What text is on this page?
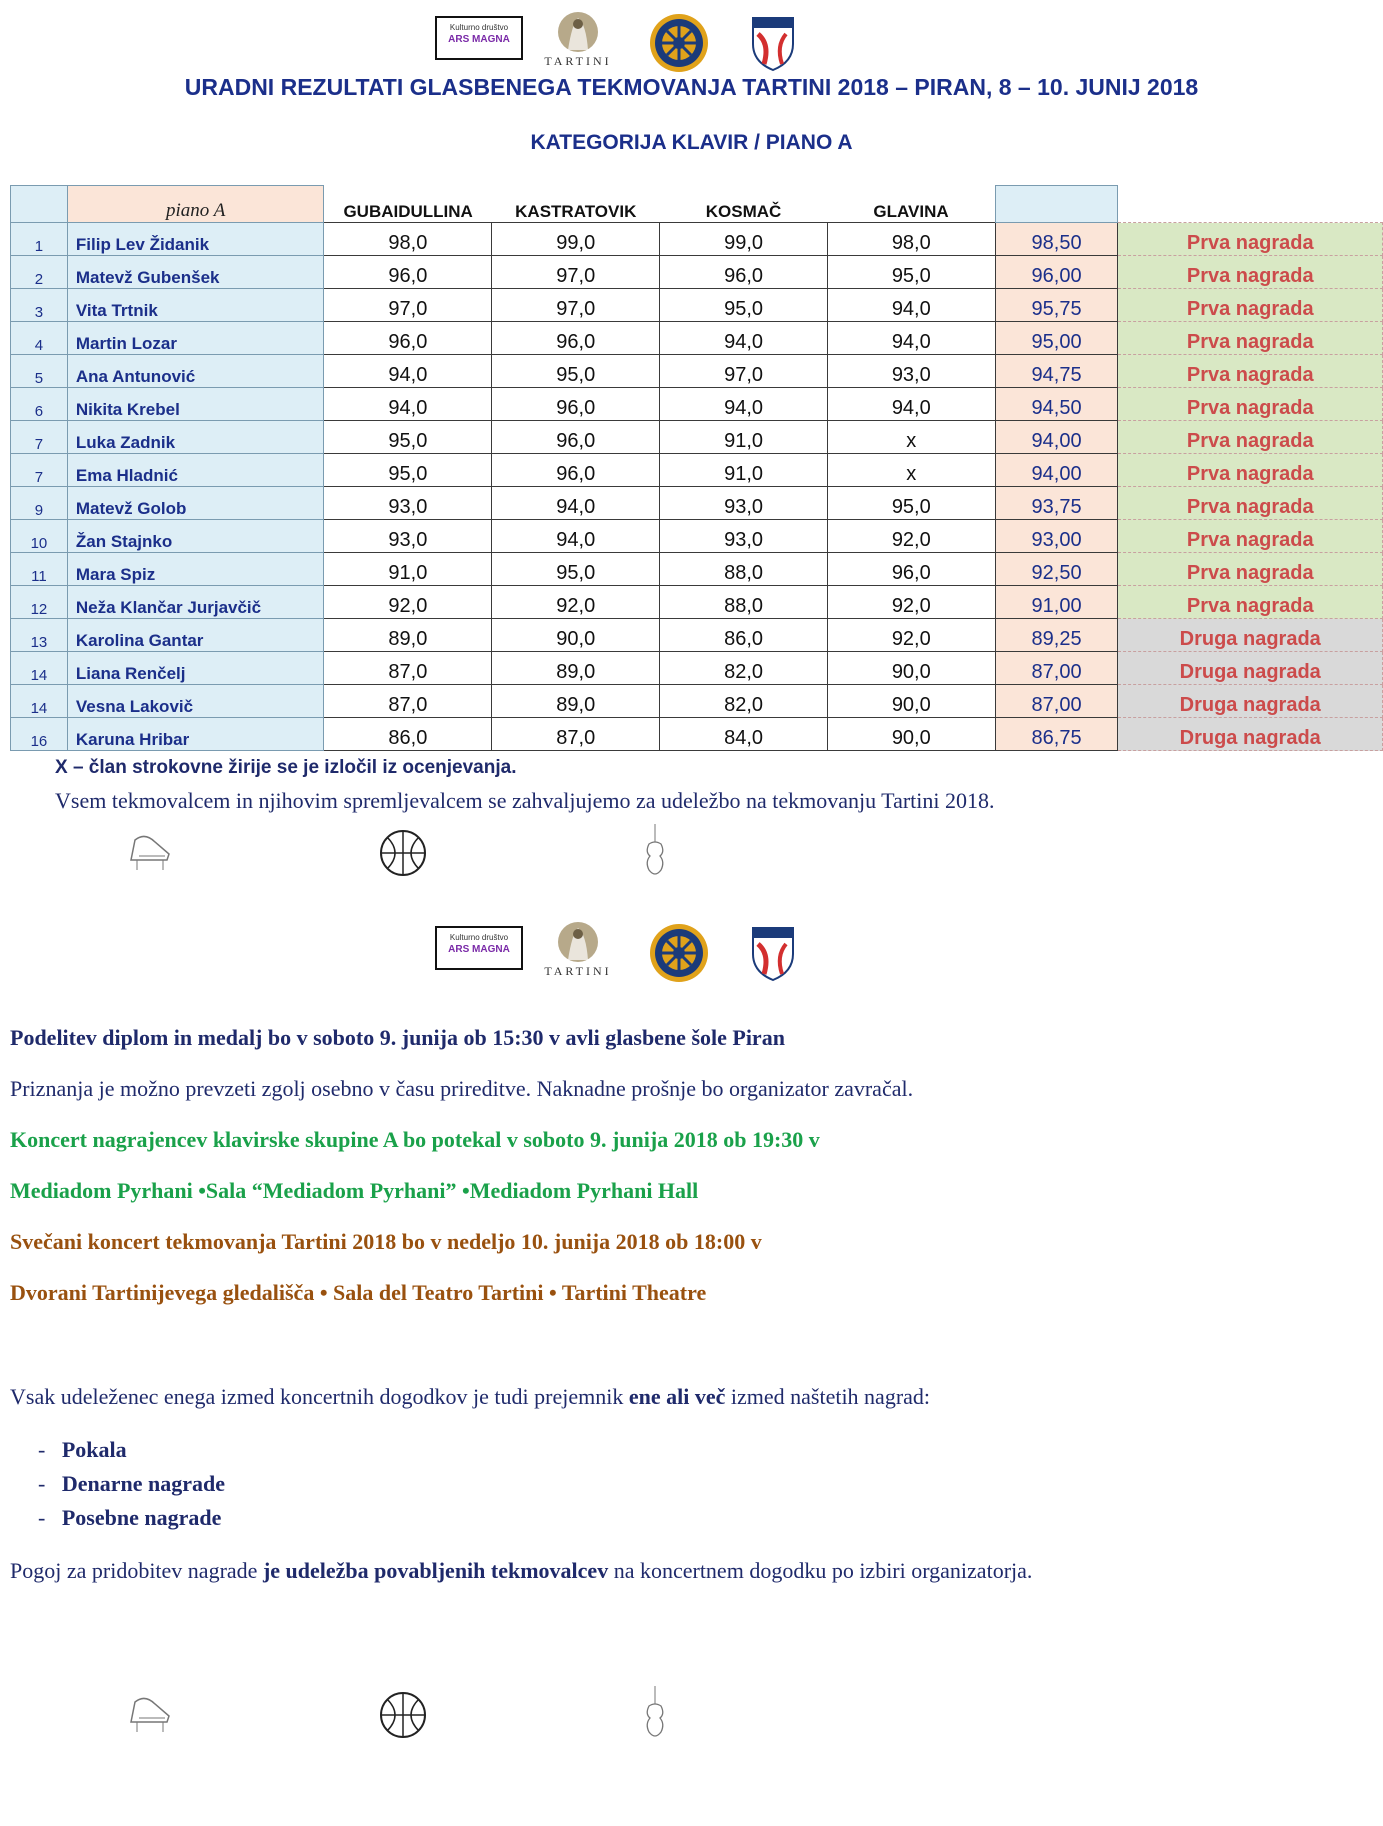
Kulturno društvo
ARS MAGNA
TARTINI
URADNI REZULTATI GLASBENEGA TEKMOVANJA TARTINI 2018 – PIRAN, 8 – 10. JUNIJ 2018
KATEGORIJA KLAVIR / PIANO A
	piano A	GUBAIDULLINA	KASTRATOVIK	KOSMAČ	GLAVINA		
1	Filip Lev Židanik	98,0	99,0	99,0	98,0	98,50	Prva nagrada
2	Matevž Gubenšek	96,0	97,0	96,0	95,0	96,00	Prva nagrada
3	Vita Trtnik	97,0	97,0	95,0	94,0	95,75	Prva nagrada
4	Martin Lozar	96,0	96,0	94,0	94,0	95,00	Prva nagrada
5	Ana Antunović	94,0	95,0	97,0	93,0	94,75	Prva nagrada
6	Nikita Krebel	94,0	96,0	94,0	94,0	94,50	Prva nagrada
7	Luka Zadnik	95,0	96,0	91,0	x	94,00	Prva nagrada
7	Ema Hladnić	95,0	96,0	91,0	x	94,00	Prva nagrada
9	Matevž Golob	93,0	94,0	93,0	95,0	93,75	Prva nagrada
10	Žan Stajnko	93,0	94,0	93,0	92,0	93,00	Prva nagrada
11	Mara Spiz	91,0	95,0	88,0	96,0	92,50	Prva nagrada
12	Neža Klančar Jurjavčič	92,0	92,0	88,0	92,0	91,00	Prva nagrada
13	Karolina Gantar	89,0	90,0	86,0	92,0	89,25	Druga nagrada
14	Liana Renčelj	87,0	89,0	82,0	90,0	87,00	Druga nagrada
14	Vesna Lakovič	87,0	89,0	82,0	90,0	87,00	Druga nagrada
16	Karuna Hribar	86,0	87,0	84,0	90,0	86,75	Druga nagrada
X – član strokovne žirije se je izločil iz ocenjevanja.
Vsem tekmovalcem in njihovim spremljevalcem se zahvaljujemo za udeležbo na tekmovanju Tartini 2018.
Kulturno društvo
ARS MAGNA
TARTINI
Podelitev diplom in medalj bo v soboto 9. junija ob 15:30 v avli glasbene šole Piran
Priznanja je možno prevzeti zgolj osebno v času prireditve. Naknadne prošnje bo organizator zavračal.
Koncert nagrajencev klavirske skupine A bo potekal v soboto 9. junija 2018 ob 19:30 v
Mediadom Pyrhani •Sala “Mediadom Pyrhani” •Mediadom Pyrhani Hall
Svečani koncert tekmovanja Tartini 2018 bo v nedeljo 10. junija 2018 ob 18:00 v
Dvorani Tartinijevega gledališča • Sala del Teatro Tartini • Tartini Theatre
Vsak udeleženec enega izmed koncertnih dogodkov je tudi prejemnik ene ali več izmed naštetih nagrad:
-   Pokala
-   Denarne nagrade
-   Posebne nagrade
Pogoj za pridobitev nagrade je udeležba povabljenih tekmovalcev na koncertnem dogodku po izbiri organizatorja.
